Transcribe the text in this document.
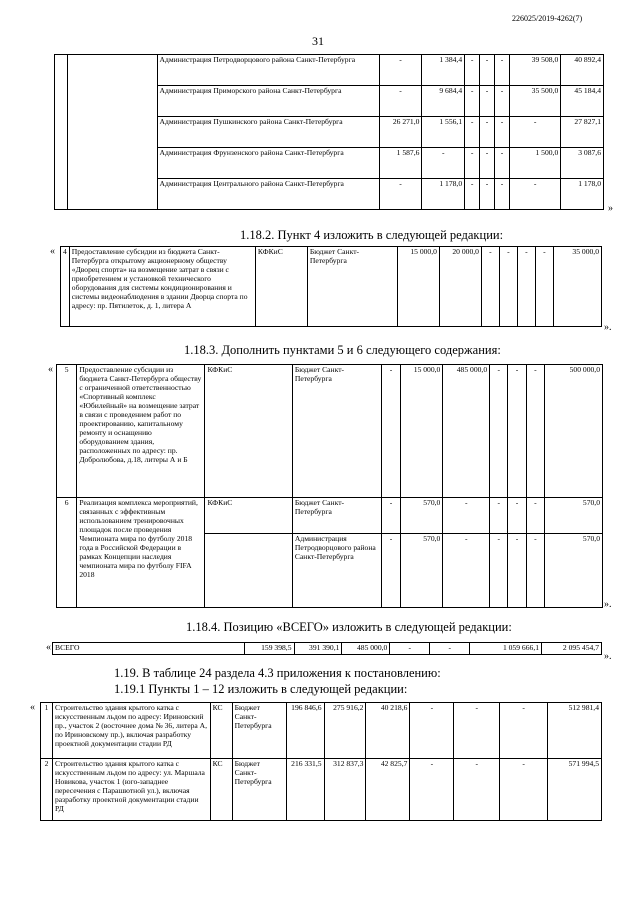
226025/2019-4262(7)
31
		Администрация Петродворцового района Санкт-Петербурга	-	1 384,4	-	-	-	39 508,0	40 892,4
		Администрация Приморского района Санкт-Петербурга	-	9 684,4	-	-	-	35 500,0	45 184,4
		Администрация Пушкинского района Санкт-Петербурга	26 271,0	1 556,1	-	-	-	-	27 827,1
		Администрация Фрунзенского района Санкт-Петербурга	1 587,6	-	-	-	-	1 500,0	3 087,6
		Администрация Центрального района Санкт-Петербурга	-	1 178,0	-	-	-	-	1 178,0
»
1.18.2. Пункт 4 изложить в следующей редакции:
« 4	Предоставление субсидии из бюджета Санкт-Петербурга открытому акционерному обществу «Дворец спорта» на возмещение затрат в связи с приобретением и установкой технического оборудования для системы кондиционирования и системы видеонаблюдения в здании Дворца спорта по адресу: пр. Пятилеток, д. 1, литера А	КФКиС	Бюджет Санкт-Петербурга	15 000,0	20 000,0	-	-	-	-	35 000,0
».
1.18.3. Дополнить пунктами 5 и 6 следующего содержания:
« 5	Предоставление субсидии из бюджета Санкт-Петербурга обществу с ограниченной ответственностью «Спортивный комплекс «Юбилейный» на возмещение затрат в связи с проведением работ по проектированию, капитальному ремонту и оснащению оборудованием здания, расположенных по адресу: пр. Добролюбова, д.18, литеры А и Б	КФКиС	Бюджет Санкт-Петербурга	-	15 000,0	485 000,0	-	-	-	500 000,0
6	Реализация комплекса мероприятий, связанных с эффективным использованием тренировочных площадок после проведения Чемпионата мира по футболу 2018 года в Российской Федерации в рамках Концепции наследия чемпионата мира по футболу FIFA 2018	КФКиС	Бюджет Санкт-Петербурга	-	570,0	-	-	-	-	570,0
			Администрация Петродворцового района Санкт-Петербурга	-	570,0	-	-	-	-	570,0
».
1.18.4. Позицию «ВСЕГО» изложить в следующей редакции:
« ВСЕГО	159 398,5	391 390,1	485 000,0	-	-	1 059 666,1	2 095 454,7
».
1.19. В таблице 24 раздела 4.3 приложения к постановлению:
1.19.1 Пункты 1 – 12 изложить в следующей редакции:
« 1	Строительство здания крытого катка с искусственным льдом по адресу: Ириновский пр., участок 2 (восточнее дома № 36, литера А, по Ириновскому пр.), включая разработку проектной документации стадии РД	КС	Бюджет Санкт-Петербурга	196 846,6	275 916,2	40 218,6	-	-	-	512 981,4
2	Строительство здания крытого катка с искусственным льдом по адресу: ул. Маршала Новикова, участок 1 (юго-западнее пересечения с Парашютной ул.), включая разработку проектной документации стадии РД	КС	Бюджет Санкт-Петербурга	216 331,5	312 837,3	42 825,7	-	-	-	571 994,5
